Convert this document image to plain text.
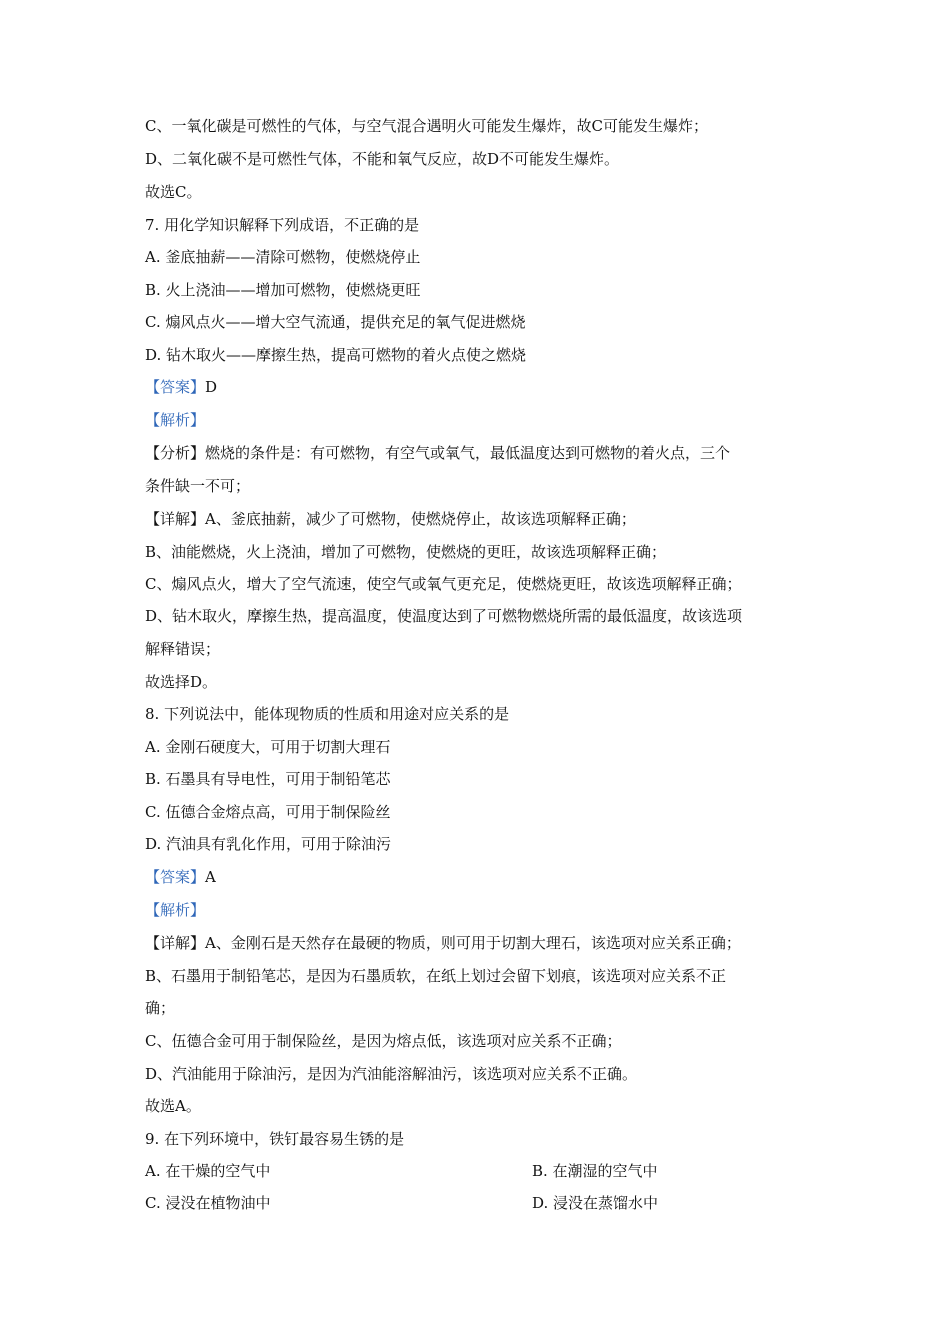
C、一氧化碳是可燃性的气体，与空气混合遇明火可能发生爆炸，故C可能发生爆炸；
D、二氧化碳不是可燃性气体，不能和氧气反应，故D不可能发生爆炸。
故选C。
7. 用化学知识解释下列成语，不正确的是
A. 釜底抽薪——清除可燃物，使燃烧停止
B. 火上浇油——增加可燃物，使燃烧更旺
C. 煽风点火——增大空气流通，提供充足的氧气促进燃烧
D. 钻木取火——摩擦生热，提高可燃物的着火点使之燃烧
【答案】D
【解析】
【分析】燃烧的条件是：有可燃物，有空气或氧气，最低温度达到可燃物的着火点，三个
条件缺一不可；
【详解】A、釜底抽薪，减少了可燃物，使燃烧停止，故该选项解释正确；
B、油能燃烧，火上浇油，增加了可燃物，使燃烧的更旺，故该选项解释正确；
C、煽风点火，增大了空气流速，使空气或氧气更充足，使燃烧更旺，故该选项解释正确；
D、钻木取火，摩擦生热，提高温度，使温度达到了可燃物燃烧所需的最低温度，故该选项
解释错误；
故选择D。
8. 下列说法中，能体现物质的性质和用途对应关系的是
A. 金刚石硬度大，可用于切割大理石
B. 石墨具有导电性，可用于制铅笔芯
C. 伍德合金熔点高，可用于制保险丝
D. 汽油具有乳化作用，可用于除油污
【答案】A
【解析】
【详解】A、金刚石是天然存在最硬的物质，则可用于切割大理石，该选项对应关系正确；
B、石墨用于制铅笔芯，是因为石墨质软，在纸上划过会留下划痕，该选项对应关系不正
确；
C、伍德合金可用于制保险丝，是因为熔点低，该选项对应关系不正确；
D、汽油能用于除油污，是因为汽油能溶解油污，该选项对应关系不正确。
故选A。
9. 在下列环境中，铁钉最容易生锈的是
A. 在干燥的空气中	B. 在潮湿的空气中
C. 浸没在植物油中	D. 浸没在蒸馏水中
